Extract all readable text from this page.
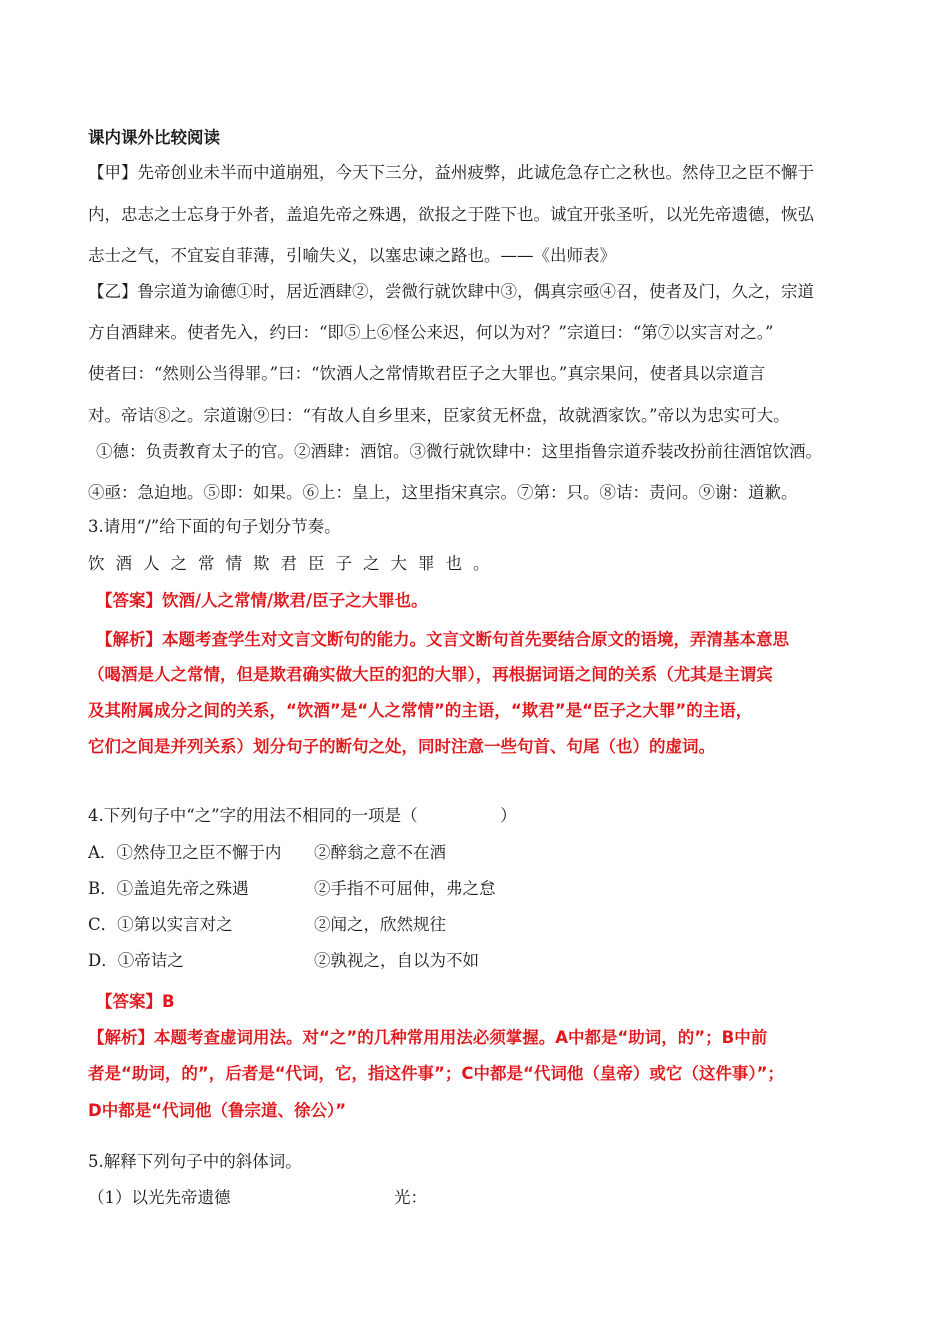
课内课外比较阅读
【甲】先帝创业未半而中道崩殂，今天下三分，益州疲弊，此诚危急存亡之秋也。然侍卫之臣不懈于
内，忠志之士忘身于外者，盖追先帝之殊遇，欲报之于陛下也。诚宜开张圣听，以光先帝遗德，恢弘
志士之气，不宜妄自菲薄，引喻失义，以塞忠谏之路也。——《出师表》
【乙】鲁宗道为谕德①时，居近酒肆②，尝微行就饮肆中③，偶真宗亟④召，使者及门，久之，宗道
方自酒肆来。使者先入，约曰：“即⑤上⑥怪公来迟，何以为对？”宗道曰：“第⑦以实言对之。”
使者曰：“然则公当得罪。”曰：“饮酒人之常情欺君臣子之大罪也。”真宗果问，使者具以宗道言
对。帝诘⑧之。宗道谢⑨曰：“有故人自乡里来，臣家贫无杯盘，故就酒家饮。”帝以为忠实可大。
①德：负责教育太子的官。②酒肆：酒馆。③微行就饮肆中：这里指鲁宗道乔装改扮前往酒馆饮酒。
④亟：急迫地。⑤即：如果。⑥上：皇上，这里指宋真宗。⑦第：只。⑧诘：责问。⑨谢：道歉。
3.请用“/”给下面的句子划分节奏。
饮酒人之常情欺君臣子之大罪也。
【答案】饮酒/人之常情/欺君/臣子之大罪也。
【解析】本题考查学生对文言文断句的能力。文言文断句首先要结合原文的语境，弄清基本意思
（喝酒是人之常情，但是欺君确实做大臣的犯的大罪），再根据词语之间的关系（尤其是主谓宾
及其附属成分之间的关系，“饮酒”是“人之常情”的主语，“欺君”是“臣子之大罪”的主语，
它们之间是并列关系）划分句子的断句之处，同时注意一些句首、句尾（也）的虚词。
4.下列句子中“之”字的用法不相同的一项是（　　　　　）
A．①然侍卫之臣不懈于内 ②醉翁之意不在酒
B．①盖追先帝之殊遇	②手指不可屈伸，弗之怠
C．①第以实言对之	②闻之，欣然规往
D．①帝诘之	②孰视之，自以为不如
【答案】B
【解析】本题考查虚词用法。对“之”的几种常用用法必须掌握。A中都是“助词，的”；B中前
者是“助词，的”，后者是“代词，它，指这件事”；C中都是“代词他（皇帝）或它（这件事）”；
D中都是“代词他（鲁宗道、徐公）”
5.解释下列句子中的斜体词。
（1）以光先帝遗德	光：
